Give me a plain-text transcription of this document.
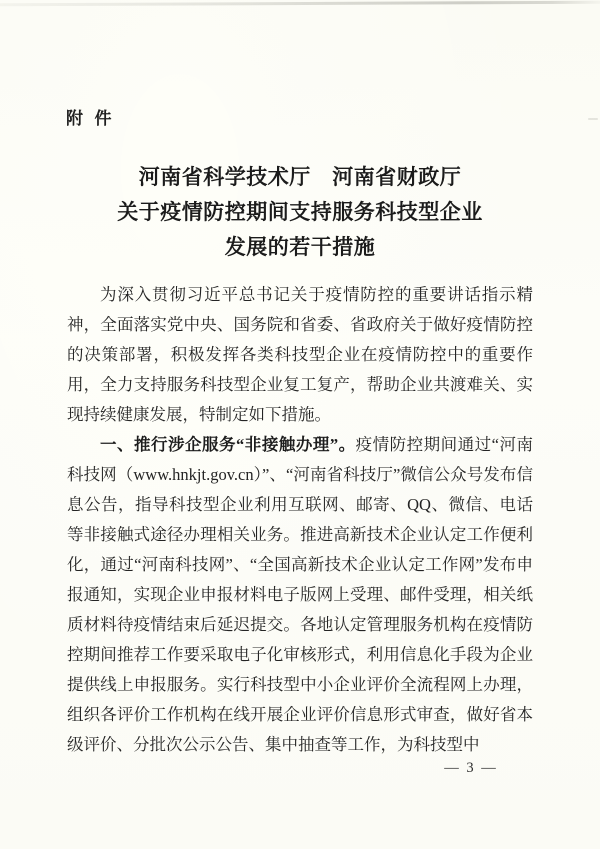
附  件
河南省科学技术厅　河南省财政厅
关于疫情防控期间支持服务科技型企业
发展的若干措施

为深入贯彻习近平总书记关于疫情防控的重要讲话指示精神，全面落实党中央、国务院和省委、省政府关于做好疫情防控的决策部署，积极发挥各类科技型企业在疫情防控中的重要作用，全力支持服务科技型企业复工复产，帮助企业共渡难关、实现持续健康发展，特制定如下措施。

一、推行涉企服务“非接触办理”。疫情防控期间通过“河南科技网（www.hnkjt.gov.cn）”、“河南省科技厅”微信公众号发布信息公告，指导科技型企业利用互联网、邮寄、QQ、微信、电话等非接触式途径办理相关业务。推进高新技术企业认定工作便利化，通过“河南科技网”、“全国高新技术企业认定工作网”发布申报通知，实现企业申报材料电子版网上受理、邮件受理，相关纸质材料待疫情结束后延迟提交。各地认定管理服务机构在疫情防控期间推荐工作要采取电子化审核形式，利用信息化手段为企业提供线上申报服务。实行科技型中小企业评价全流程网上办理，组织各评价工作机构在线开展企业评价信息形式审查，做好省本级评价、分批次公示公告、集中抽查等工作，为科技型中

— 3 —
